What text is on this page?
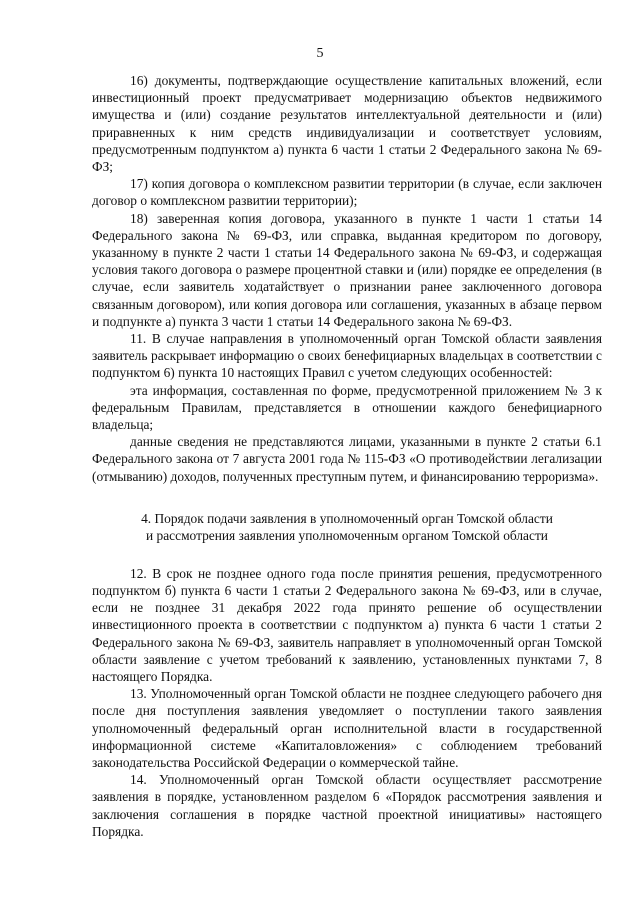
5

16) документы, подтверждающие осуществление капитальных вложений, если инвестиционный проект предусматривает модернизацию объектов недвижимого имущества и (или) создание результатов интеллектуальной деятельности и (или) приравненных к ним средств индивидуализации и соответствует условиям, предусмотренным подпунктом а) пункта 6 части 1 статьи 2 Федерального закона № 69-ФЗ;

17) копия договора о комплексном развитии территории (в случае, если заключен договор о комплексном развитии территории);

18) заверенная копия договора, указанного в пункте 1 части 1 статьи 14 Федерального закона № 69-ФЗ, или справка, выданная кредитором по договору, указанному в пункте 2 части 1 статьи 14 Федерального закона № 69-ФЗ, и содержащая условия такого договора о размере процентной ставки и (или) порядке ее определения (в случае, если заявитель ходатайствует о признании ранее заключенного договора связанным договором), или копия договора или соглашения, указанных в абзаце первом и подпункте а) пункта 3 части 1 статьи 14 Федерального закона № 69-ФЗ.

11. В случае направления в уполномоченный орган Томской области заявления заявитель раскрывает информацию о своих бенефициарных владельцах в соответствии с подпунктом 6) пункта 10 настоящих Правил с учетом следующих особенностей:

эта информация, составленная по форме, предусмотренной приложением № 3 к федеральным Правилам, представляется в отношении каждого бенефициарного владельца;

данные сведения не представляются лицами, указанными в пункте 2 статьи 6.1 Федерального закона от 7 августа 2001 года № 115-ФЗ «О противодействии легализации (отмыванию) доходов, полученных преступным путем, и финансированию терроризма».

4. Порядок подачи заявления в уполномоченный орган Томской области
и рассмотрения заявления уполномоченным органом Томской области

12. В срок не позднее одного года после принятия решения, предусмотренного подпунктом б) пункта 6 части 1 статьи 2 Федерального закона № 69-ФЗ, или в случае, если не позднее 31 декабря 2022 года принято решение об осуществлении инвестиционного проекта в соответствии с подпунктом а) пункта 6 части 1 статьи 2 Федерального закона № 69-ФЗ, заявитель направляет в уполномоченный орган Томской области заявление с учетом требований к заявлению, установленных пунктами 7, 8 настоящего Порядка.

13. Уполномоченный орган Томской области не позднее следующего рабочего дня после дня поступления заявления уведомляет о поступлении такого заявления уполномоченный федеральный орган исполнительной власти в государственной информационной системе «Капиталовложения» с соблюдением требований законодательства Российской Федерации о коммерческой тайне.

14. Уполномоченный орган Томской области осуществляет рассмотрение заявления в порядке, установленном разделом 6 «Порядок рассмотрения заявления и заключения соглашения в порядке частной проектной инициативы» настоящего Порядка.
